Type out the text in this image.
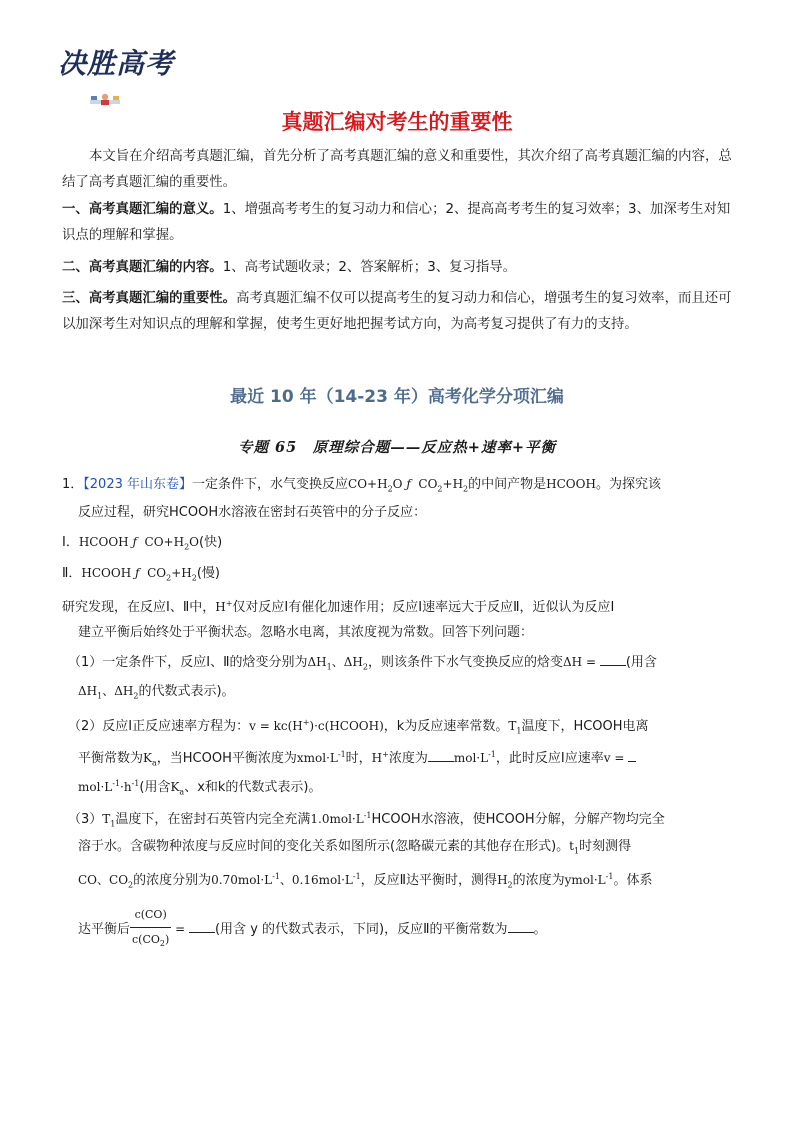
决胜高考
真题汇编对考生的重要性
本文旨在介绍高考真题汇编，首先分析了高考真题汇编的意义和重要性，其次介绍了高考真题汇编的内容，总结了高考真题汇编的重要性。
一、高考真题汇编的意义。1、增强高考考生的复习动力和信心；2、提高高考考生的复习效率；3、加深考生对知识点的理解和掌握。
二、高考真题汇编的内容。1、高考试题收录；2、答案解析；3、复习指导。
三、高考真题汇编的重要性。高考真题汇编不仅可以提高考生的复习动力和信心，增强考生的复习效率，而且还可以加深考生对知识点的理解和掌握，使考生更好地把握考试方向，为高考复习提供了有力的支持。
最近 10 年（14-23 年）高考化学分项汇编
专题 65　原理综合题——反应热+速率+平衡
1．【2023 年山东卷】一定条件下，水气变换反应$CO+H_2O$ ƒ  $CO_2+H_2$的中间产物是HCOOH。为探究该
反应过程，研究HCOOH水溶液在密封石英管中的分子反应：
Ⅰ．HCOOH ƒ  $CO+H_2O$(快)
Ⅱ．HCOOH ƒ  $CO_2+H_2$(慢)
研究发现，在反应Ⅰ、Ⅱ中，H+仅对反应Ⅰ有催化加速作用；反应Ⅰ速率远大于反应Ⅱ，近似认为反应Ⅰ
建立平衡后始终处于平衡状态。忽略水电离，其浓度视为常数。回答下列问题：
（1）一定条件下，反应Ⅰ、Ⅱ的焓变分别为$\Delta H_1$、$\Delta H_2$，则该条件下水气变换反应的焓变ΔH = (用含
$\Delta H_1$、$\Delta H_2$的代数式表示)。
（2）反应Ⅰ正反应速率方程为：v = kc(H+)·c(HCOOH)，k为反应速率常数。$T_1$温度下，HCOOH电离
平衡常数为$K_a$，当HCOOH平衡浓度为$xmol\cdot L^{-1}$时，H+浓度为 $mol\cdot L^{-1}$，此时反应Ⅰ应速率v =
$mol\cdot L^{-1}\cdot h^{-1}$(用含$K_a$、x和k的代数式表示)。
$(3)T_1$温度下，在密封石英管内完全充满$1.0mol\cdot L^{-1}HCOOH$水溶液，使HCOOH分解，分解产物均完全
溶于水。含碳物种浓度与反应时间的变化关系如图所示(忽略碳元素的其他存在形式)。$t_1$时刻测得
CO、$CO_2$的浓度分别为$0.70mol\cdot L^{-1}$、$0.16mol\cdot L^{-1}$，反应Ⅱ达平衡时，测得$H_2$的浓度为$ymol\cdot L^{-1}$。体系
达平衡后 $\frac{c(CO)}{c(CO_2)}$ = (用含 y 的代数式表示，下同)，反应Ⅱ的平衡常数为 。
